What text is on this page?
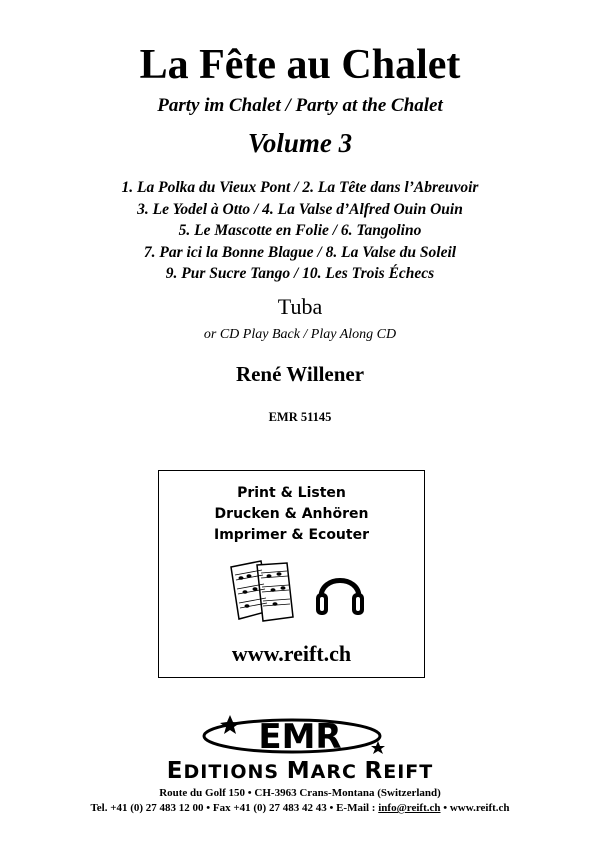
La Fête au Chalet
Party im Chalet / Party at the Chalet
Volume 3
1. La Polka du Vieux Pont / 2. La Tête dans l’Abreuvoir
3. Le Yodel à Otto / 4. La Valse d’Alfred Ouin Ouin
5. Le Mascotte en Folie / 6. Tangolino
7. Par ici la Bonne Blague / 8. La Valse du Soleil
9. Pur Sucre Tango / 10. Les Trois Échecs
Tuba
or CD Play Back / Play Along CD
René Willener
EMR 51145
Print & Listen
Drucken & Anhören
Imprimer & Ecouter
www.reift.ch
EMR
EDITIONS MARC REIFT
Route du Golf 150 • CH-3963 Crans-Montana (Switzerland)
Tel. +41 (0) 27 483 12 00 • Fax +41 (0) 27 483 42 43 • E-Mail : info@reift.ch • www.reift.ch
